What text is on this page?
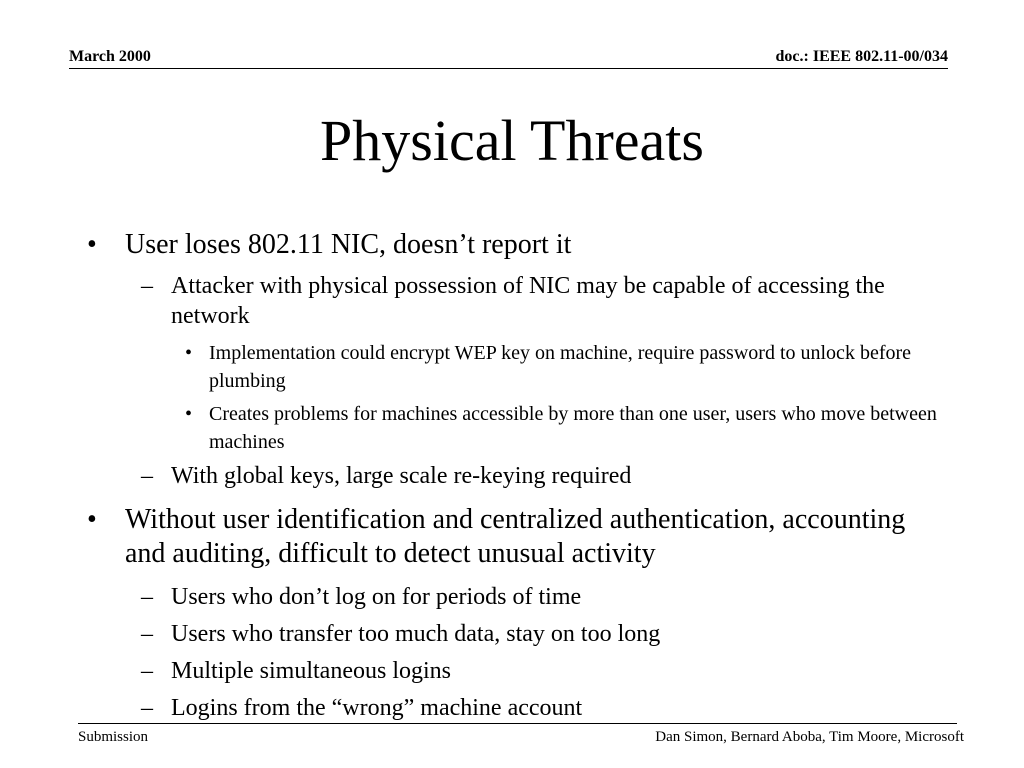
March 2000	doc.: IEEE 802.11-00/034
Physical Threats
• User loses 802.11 NIC, doesn’t report it
– Attacker with physical possession of NIC may be capable of accessing the network
• Implementation could encrypt WEP key on machine, require password to unlock before plumbing
• Creates problems for machines accessible by more than one user, users who move between machines
– With global keys, large scale re-keying required
• Without user identification and centralized authentication, accounting and auditing, difficult to detect unusual activity
– Users who don’t log on for periods of time
– Users who transfer too much data, stay on too long
– Multiple simultaneous logins
– Logins from the “wrong” machine account
Submission	Dan Simon, Bernard Aboba, Tim Moore, Microsoft
